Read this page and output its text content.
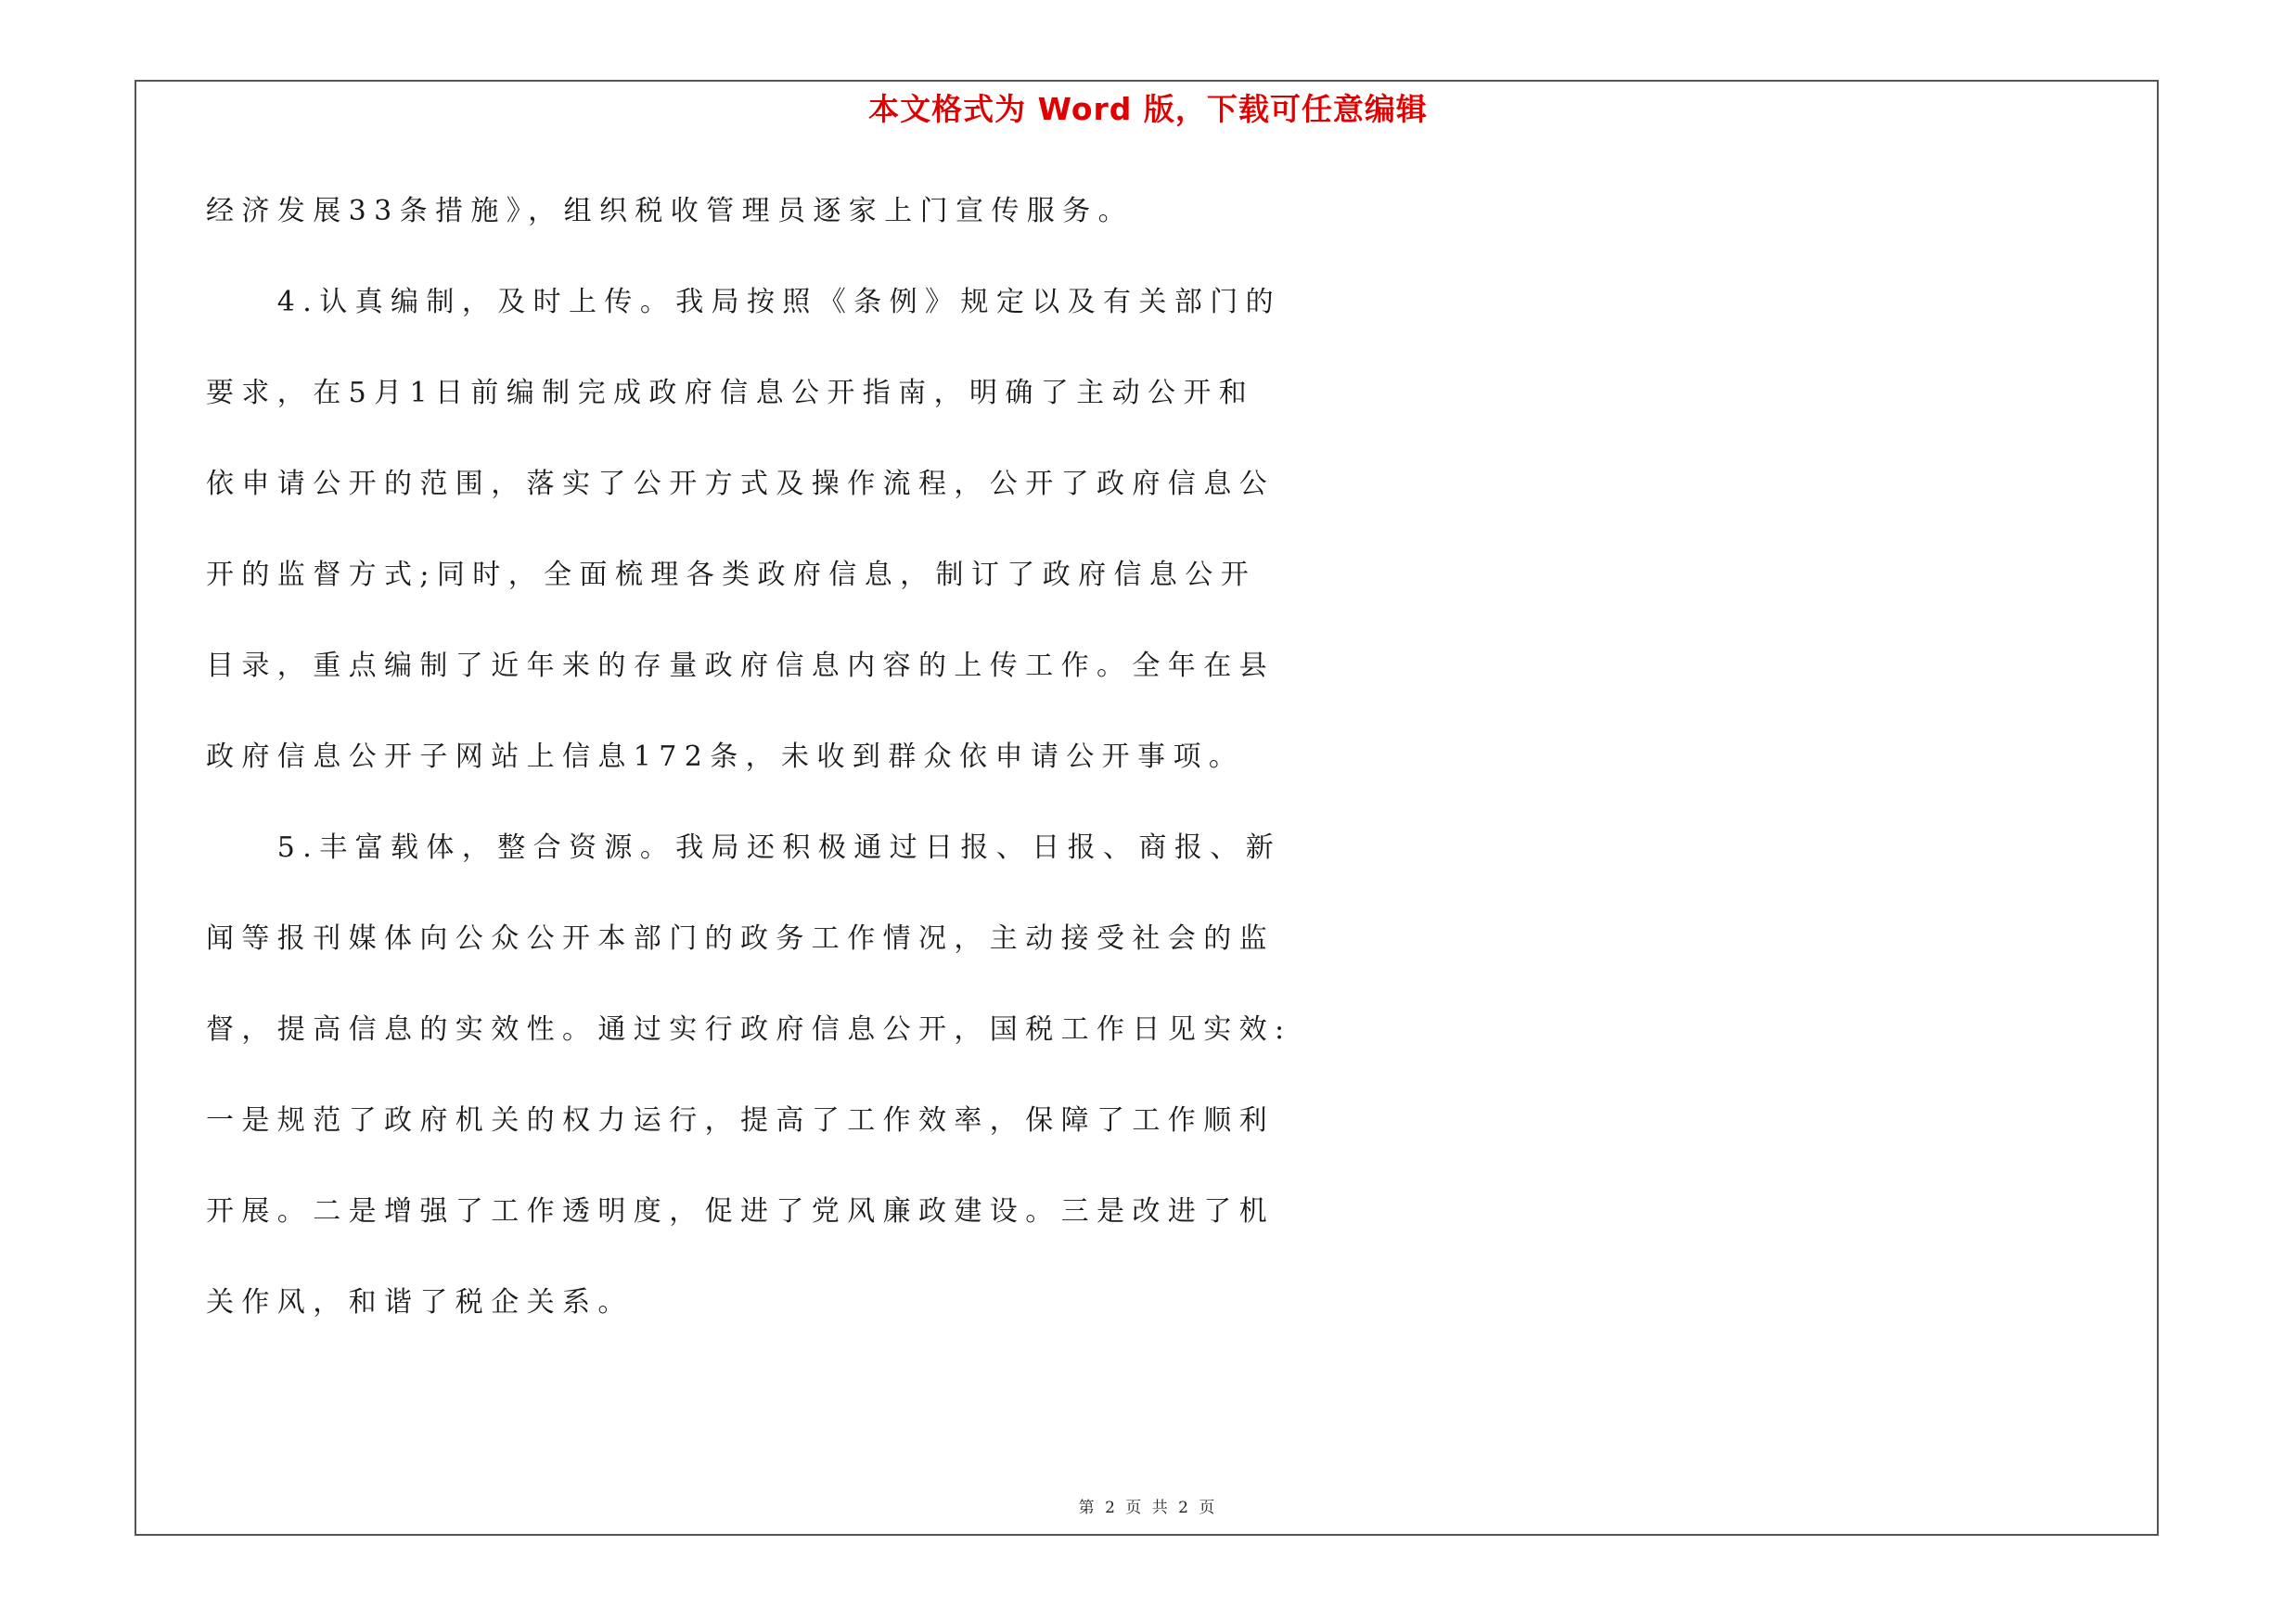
本文格式为 Word 版，下载可任意编辑
经济发展33条措施》，组织税收管理员逐家上门宣传服务。
　　4.认真编制，及时上传。我局按照《条例》规定以及有关部门的
要求，在5月1日前编制完成政府信息公开指南，明确了主动公开和
依申请公开的范围，落实了公开方式及操作流程，公开了政府信息公
开的监督方式;同时，全面梳理各类政府信息，制订了政府信息公开
目录，重点编制了近年来的存量政府信息内容的上传工作。全年在县
政府信息公开子网站上信息172条，未收到群众依申请公开事项。
　　5.丰富载体，整合资源。我局还积极通过日报、日报、商报、新
闻等报刊媒体向公众公开本部门的政务工作情况，主动接受社会的监
督，提高信息的实效性。通过实行政府信息公开，国税工作日见实效:
一是规范了政府机关的权力运行，提高了工作效率，保障了工作顺利
开展。二是增强了工作透明度，促进了党风廉政建设。三是改进了机
关作风，和谐了税企关系。
第 2 页 共 2 页
